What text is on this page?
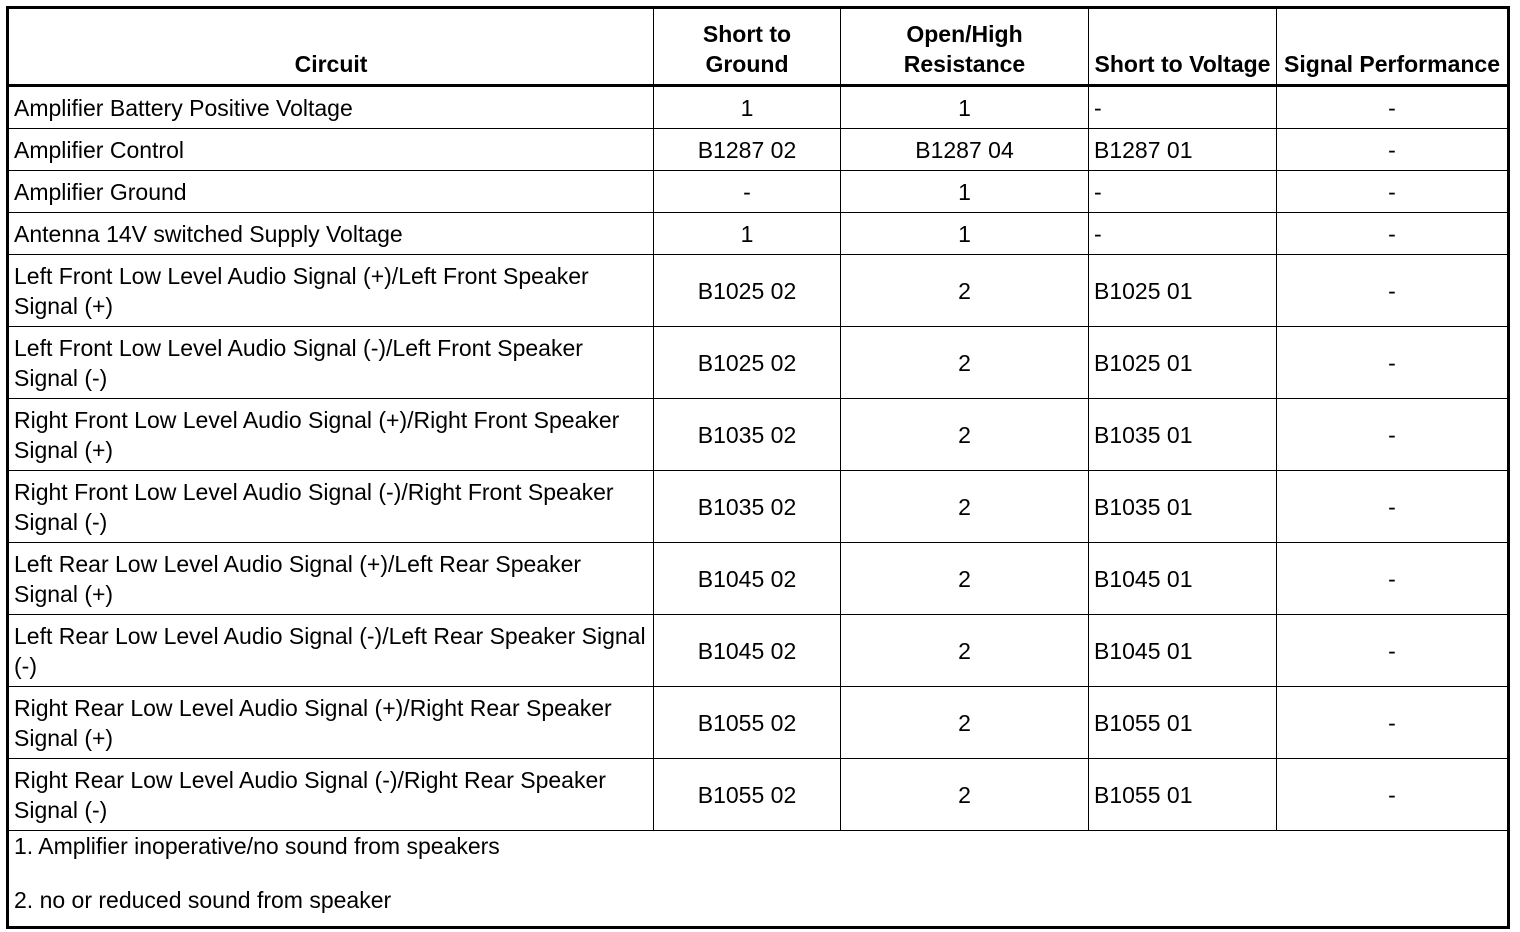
Circuit	Short to Ground	Open/High Resistance	Short to Voltage	Signal Performance
Amplifier Battery Positive Voltage	1	1	-	-
Amplifier Control	B1287 02	B1287 04	B1287 01	-
Amplifier Ground	-	1	-	-
Antenna 14V switched Supply Voltage	1	1	-	-
Left Front Low Level Audio Signal (+)/Left Front Speaker Signal (+)	B1025 02	2	B1025 01	-
Left Front Low Level Audio Signal (-)/Left Front Speaker Signal (-)	B1025 02	2	B1025 01	-
Right Front Low Level Audio Signal (+)/Right Front Speaker Signal (+)	B1035 02	2	B1035 01	-
Right Front Low Level Audio Signal (-)/Right Front Speaker Signal (-)	B1035 02	2	B1035 01	-
Left Rear Low Level Audio Signal (+)/Left Rear Speaker Signal (+)	B1045 02	2	B1045 01	-
Left Rear Low Level Audio Signal (-)/Left Rear Speaker Signal (-)	B1045 02	2	B1045 01	-
Right Rear Low Level Audio Signal (+)/Right Rear Speaker Signal (+)	B1055 02	2	B1055 01	-
Right Rear Low Level Audio Signal (-)/Right Rear Speaker Signal (-)	B1055 02	2	B1055 01	-

1. Amplifier inoperative/no sound from speakers
2. no or reduced sound from speaker				
